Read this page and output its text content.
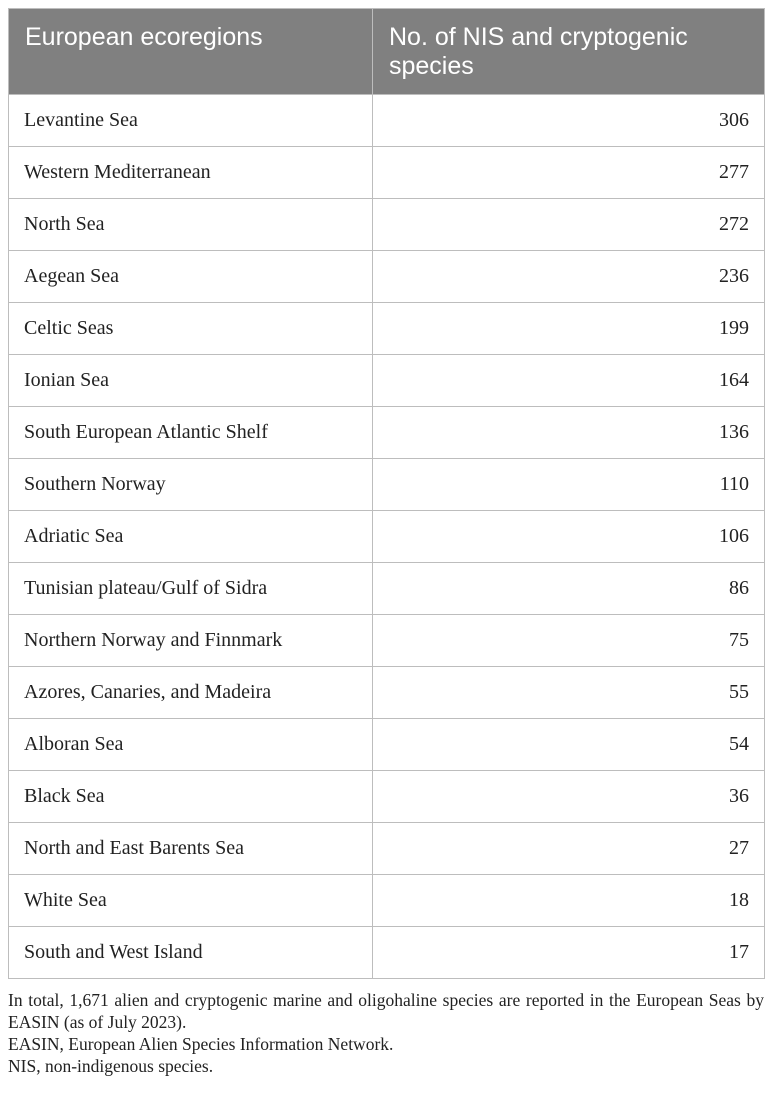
European ecoregions	No. of NIS and cryptogenic species
Levantine Sea	306
Western Mediterranean	277
North Sea	272
Aegean Sea	236
Celtic Seas	199
Ionian Sea	164
South European Atlantic Shelf	136
Southern Norway	110
Adriatic Sea	106
Tunisian plateau/Gulf of Sidra	86
Northern Norway and Finnmark	75
Azores, Canaries, and Madeira	55
Alboran Sea	54
Black Sea	36
North and East Barents Sea	27
White Sea	18
South and West Island	17

In total, 1,671 alien and cryptogenic marine and oligohaline species are reported in the European Seas by EASIN (as of July 2023).

EASIN, European Alien Species Information Network.

NIS, non-indigenous species.
